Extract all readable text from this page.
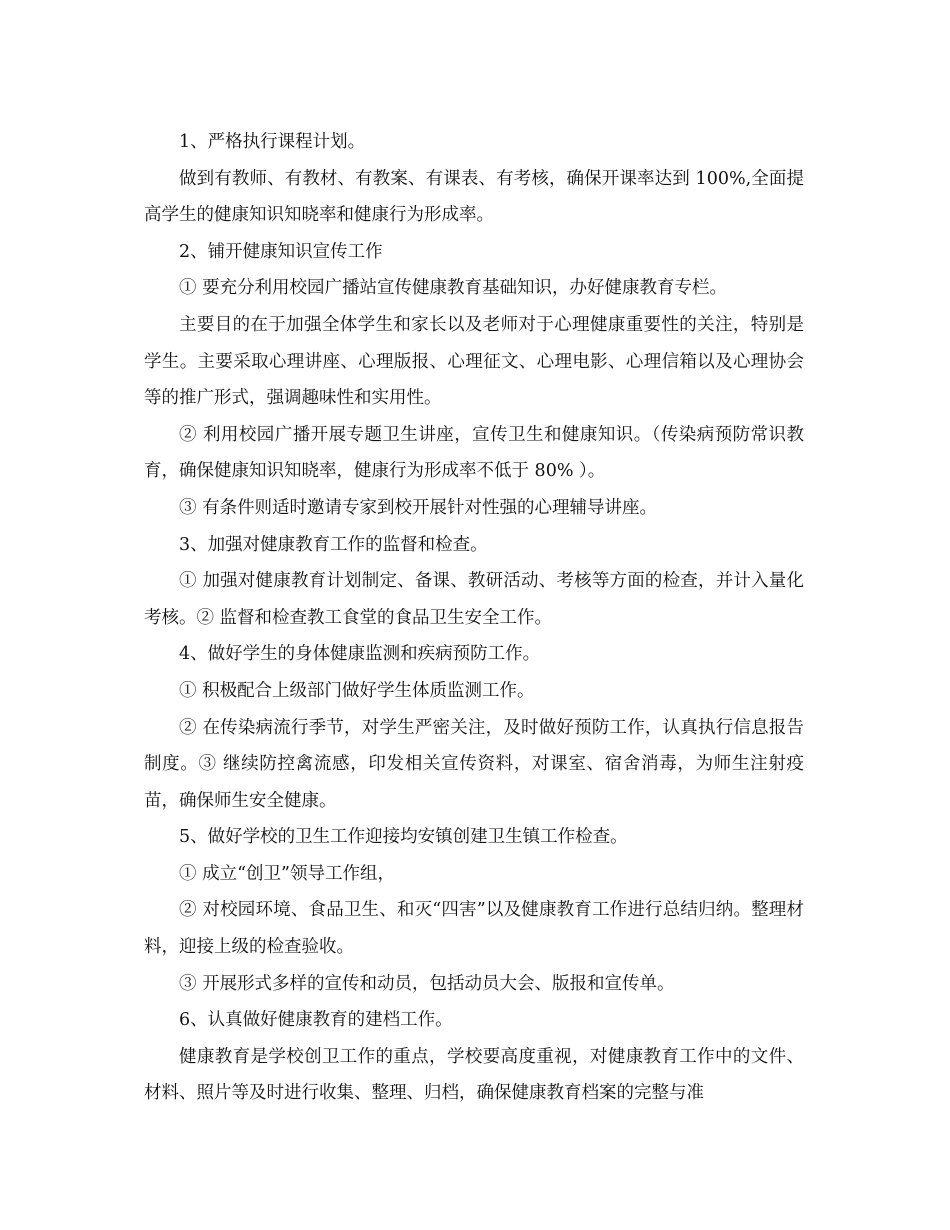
1、严格执行课程计划。

做到有教师、有教材、有教案、有课表、有考核，确保开课率达到 100%,全面提高学生的健康知识知晓率和健康行为形成率。

2、铺开健康知识宣传工作

① 要充分利用校园广播站宣传健康教育基础知识，办好健康教育专栏。

主要目的在于加强全体学生和家长以及老师对于心理健康重要性的关注，特别是学生。主要采取心理讲座、心理版报、心理征文、心理电影、心理信箱以及心理协会等的推广形式，强调趣味性和实用性。

② 利用校园广播开展专题卫生讲座，宣传卫生和健康知识。（传染病预防常识教育，确保健康知识知晓率，健康行为形成率不低于 80% ）。

③ 有条件则适时邀请专家到校开展针对性强的心理辅导讲座。

3、加强对健康教育工作的监督和检查。

① 加强对健康教育计划制定、备课、教研活动、考核等方面的检查，并计入量化考核。② 监督和检查教工食堂的食品卫生安全工作。

4、做好学生的身体健康监测和疾病预防工作。

① 积极配合上级部门做好学生体质监测工作。

② 在传染病流行季节，对学生严密关注，及时做好预防工作，认真执行信息报告制度。③ 继续防控禽流感，印发相关宣传资料，对课室、宿舍消毒，为师生注射疫苗，确保师生安全健康。

5、做好学校的卫生工作迎接均安镇创建卫生镇工作检查。

① 成立“创卫”领导工作组，

② 对校园环境、食品卫生、和灭“四害”以及健康教育工作进行总结归纳。整理材料，迎接上级的检查验收。

③ 开展形式多样的宣传和动员，包括动员大会、版报和宣传单。

6、认真做好健康教育的建档工作。

健康教育是学校创卫工作的重点，学校要高度重视，对健康教育工作中的文件、材料、照片等及时进行收集、整理、归档，确保健康教育档案的完整与准
